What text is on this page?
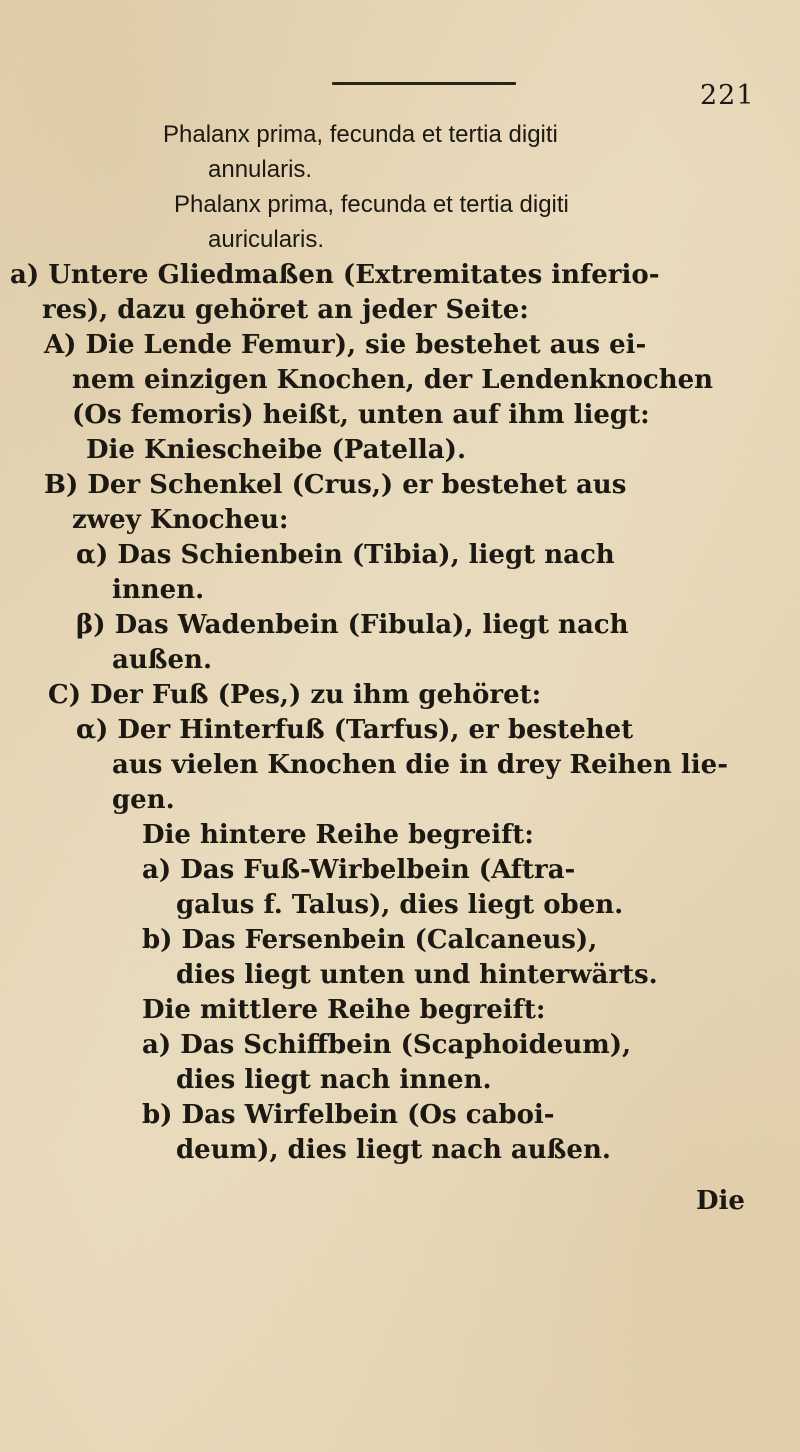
221
Phalanx prima, fecunda et tertia digiti
annularis.
Phalanx prima, fecunda et tertia digiti
auricularis.
a) Untere Gliedmaßen (Extremitates inferio-
res), dazu gehöret an jeder Seite:
A) Die Lende Femur), sie bestehet aus ei-
nem einzigen Knochen, der Lendenknochen
(Os femoris) heißt, unten auf ihm liegt:
Die Kniescheibe (Patella).
B) Der Schenkel (Crus,) er bestehet aus
zwey Knocheu:
α) Das Schienbein (Tibia), liegt nach
innen.
β) Das Wadenbein (Fibula), liegt nach
außen.
C) Der Fuß (Pes,) zu ihm gehöret:
α) Der Hinterfuß (Tarfus), er bestehet
aus vielen Knochen die in drey Reihen lie-
gen.
Die hintere Reihe begreift:
a) Das Fuß-Wirbelbein (Aftra-
galus f. Talus), dies liegt oben.
b) Das Fersenbein (Calcaneus),
dies liegt unten und hinterwärts.
Die mittlere Reihe begreift:
a) Das Schiffbein (Scaphoideum),
dies liegt nach innen.
b) Das Wirfelbein (Os caboi-
deum), dies liegt nach außen.
Die
